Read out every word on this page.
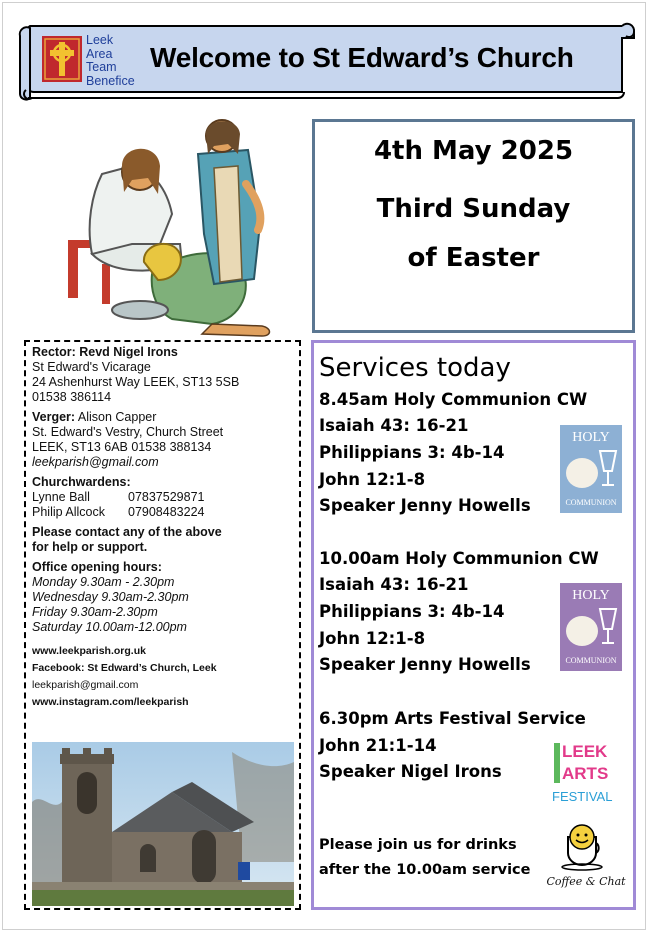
Leek
Area
Team
Benefice
Welcome to St Edward’s Church
4th May 2025
Third Sunday
of Easter
Rector: Revd Nigel Irons
St Edward's Vicarage
24 Ashenhurst Way LEEK, ST13 5SB
01538 386114
Verger: Alison Capper
St. Edward's Vestry, Church Street
LEEK, ST13 6AB 01538 388134
leekparish@gmail.com
Churchwardens:
Lynne Ball	07837529871
Philip Allcock	07908483224
Please contact any of the above
for help or support.
Office opening hours:
Monday 9.30am - 2.30pm
Wednesday 9.30am-2.30pm
Friday 9.30am-2.30pm
Saturday 10.00am-12.00pm
www.leekparish.org.uk
Facebook: St Edward’s Church, Leek
leekparish@gmail.com
www.instagram.com/leekparish
Services today
8.45am Holy Communion CW
Isaiah 43: 16-21
Philippians 3: 4b-14
John 12:1-8
Speaker Jenny Howells
HOLY
COMMUNION
10.00am Holy Communion CW
Isaiah 43: 16-21
Philippians 3: 4b-14
John 12:1-8
Speaker Jenny Howells
HOLY
COMMUNION
6.30pm Arts Festival Service
John 21:1-14
Speaker Nigel Irons
LEEK
ARTS
FESTIVAL
Please join us for drinks
after the 10.00am service
Coffee & Chat
